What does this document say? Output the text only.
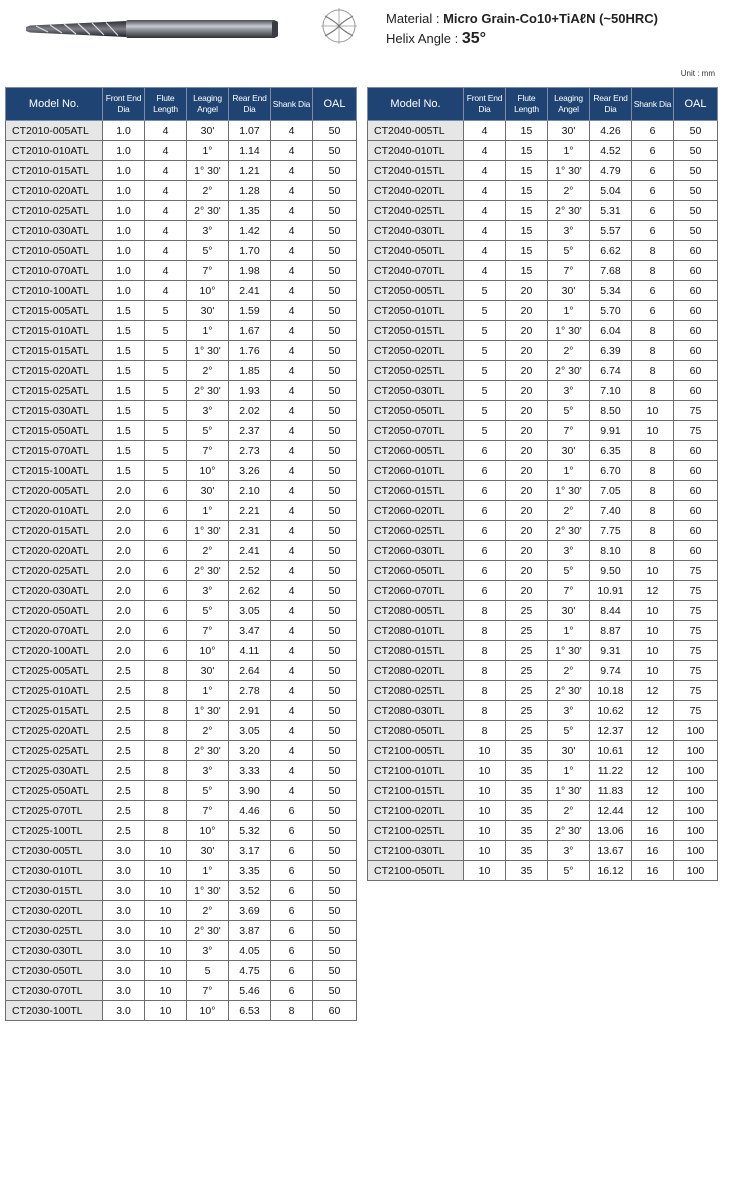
Material : Micro Grain-Co10+TiAℓN (~50HRC)
Helix Angle : 35°
Unit : mm
Model No.	Front End Dia	Flute Length	Leaging Angel	Rear End Dia	Shank Dia	OAL
CT2010-005ATL	1.0	4	30'	1.07	4	50
CT2010-010ATL	1.0	4	1°	1.14	4	50
CT2010-015ATL	1.0	4	1° 30'	1.21	4	50
CT2010-020ATL	1.0	4	2°	1.28	4	50
CT2010-025ATL	1.0	4	2° 30'	1.35	4	50
CT2010-030ATL	1.0	4	3°	1.42	4	50
CT2010-050ATL	1.0	4	5°	1.70	4	50
CT2010-070ATL	1.0	4	7°	1.98	4	50
CT2010-100ATL	1.0	4	10°	2.41	4	50
CT2015-005ATL	1.5	5	30'	1.59	4	50
CT2015-010ATL	1.5	5	1°	1.67	4	50
CT2015-015ATL	1.5	5	1° 30'	1.76	4	50
CT2015-020ATL	1.5	5	2°	1.85	4	50
CT2015-025ATL	1.5	5	2° 30'	1.93	4	50
CT2015-030ATL	1.5	5	3°	2.02	4	50
CT2015-050ATL	1.5	5	5°	2.37	4	50
CT2015-070ATL	1.5	5	7°	2.73	4	50
CT2015-100ATL	1.5	5	10°	3.26	4	50
CT2020-005ATL	2.0	6	30'	2.10	4	50
CT2020-010ATL	2.0	6	1°	2.21	4	50
CT2020-015ATL	2.0	6	1° 30'	2.31	4	50
CT2020-020ATL	2.0	6	2°	2.41	4	50
CT2020-025ATL	2.0	6	2° 30'	2.52	4	50
CT2020-030ATL	2.0	6	3°	2.62	4	50
CT2020-050ATL	2.0	6	5°	3.05	4	50
CT2020-070ATL	2.0	6	7°	3.47	4	50
CT2020-100ATL	2.0	6	10°	4.11	4	50
CT2025-005ATL	2.5	8	30'	2.64	4	50
CT2025-010ATL	2.5	8	1°	2.78	4	50
CT2025-015ATL	2.5	8	1° 30'	2.91	4	50
CT2025-020ATL	2.5	8	2°	3.05	4	50
CT2025-025ATL	2.5	8	2° 30'	3.20	4	50
CT2025-030ATL	2.5	8	3°	3.33	4	50
CT2025-050ATL	2.5	8	5°	3.90	4	50
CT2025-070TL	2.5	8	7°	4.46	6	50
CT2025-100TL	2.5	8	10°	5.32	6	50
CT2030-005TL	3.0	10	30'	3.17	6	50
CT2030-010TL	3.0	10	1°	3.35	6	50
CT2030-015TL	3.0	10	1° 30'	3.52	6	50
CT2030-020TL	3.0	10	2°	3.69	6	50
CT2030-025TL	3.0	10	2° 30'	3.87	6	50
CT2030-030TL	3.0	10	3°	4.05	6	50
CT2030-050TL	3.0	10	5	4.75	6	50
CT2030-070TL	3.0	10	7°	5.46	6	50
CT2030-100TL	3.0	10	10°	6.53	8	60
Model No.	Front End Dia	Flute Length	Leaging Angel	Rear End Dia	Shank Dia	OAL
CT2040-005TL	4	15	30'	4.26	6	50
CT2040-010TL	4	15	1°	4.52	6	50
CT2040-015TL	4	15	1° 30'	4.79	6	50
CT2040-020TL	4	15	2°	5.04	6	50
CT2040-025TL	4	15	2° 30'	5.31	6	50
CT2040-030TL	4	15	3°	5.57	6	50
CT2040-050TL	4	15	5°	6.62	8	60
CT2040-070TL	4	15	7°	7.68	8	60
CT2050-005TL	5	20	30'	5.34	6	60
CT2050-010TL	5	20	1°	5.70	6	60
CT2050-015TL	5	20	1° 30'	6.04	8	60
CT2050-020TL	5	20	2°	6.39	8	60
CT2050-025TL	5	20	2° 30'	6.74	8	60
CT2050-030TL	5	20	3°	7.10	8	60
CT2050-050TL	5	20	5°	8.50	10	75
CT2050-070TL	5	20	7°	9.91	10	75
CT2060-005TL	6	20	30'	6.35	8	60
CT2060-010TL	6	20	1°	6.70	8	60
CT2060-015TL	6	20	1° 30'	7.05	8	60
CT2060-020TL	6	20	2°	7.40	8	60
CT2060-025TL	6	20	2° 30'	7.75	8	60
CT2060-030TL	6	20	3°	8.10	8	60
CT2060-050TL	6	20	5°	9.50	10	75
CT2060-070TL	6	20	7°	10.91	12	75
CT2080-005TL	8	25	30'	8.44	10	75
CT2080-010TL	8	25	1°	8.87	10	75
CT2080-015TL	8	25	1° 30'	9.31	10	75
CT2080-020TL	8	25	2°	9.74	10	75
CT2080-025TL	8	25	2° 30'	10.18	12	75
CT2080-030TL	8	25	3°	10.62	12	75
CT2080-050TL	8	25	5°	12.37	12	100
CT2100-005TL	10	35	30'	10.61	12	100
CT2100-010TL	10	35	1°	11.22	12	100
CT2100-015TL	10	35	1° 30'	11.83	12	100
CT2100-020TL	10	35	2°	12.44	12	100
CT2100-025TL	10	35	2° 30'	13.06	16	100
CT2100-030TL	10	35	3°	13.67	16	100
CT2100-050TL	10	35	5°	16.12	16	100
